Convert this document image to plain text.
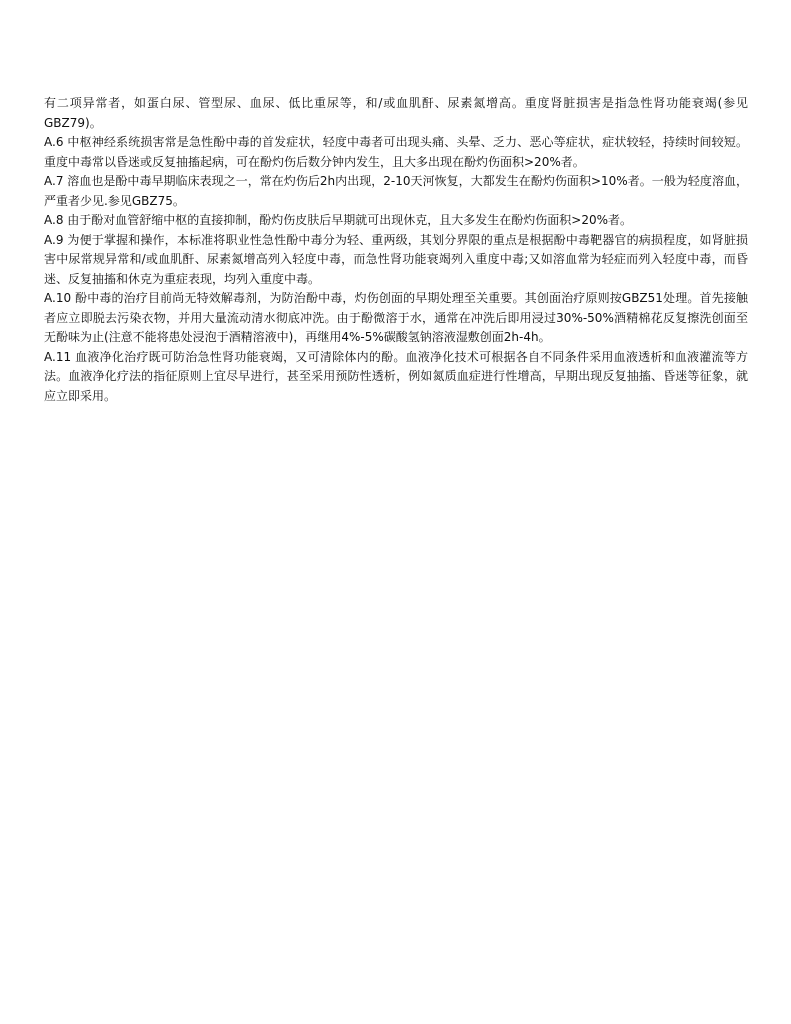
有二项异常者，如蛋白尿、管型尿、血尿、低比重尿等，和/或血肌酐、尿素氮增高。重度肾脏损害是指急性肾功能衰竭(参见GBZ79)。

A.6 中枢神经系统损害常是急性酚中毒的首发症状，轻度中毒者可出现头痛、头晕、乏力、恶心等症状，症状较轻，持续时间较短。重度中毒常以昏迷或反复抽搐起病，可在酚灼伤后数分钟内发生，且大多出现在酚灼伤面积>20%者。

A.7 溶血也是酚中毒早期临床表现之一，常在灼伤后2h内出现，2-10天河恢复，大都发生在酚灼伤面积>10%者。一般为轻度溶血，严重者少见.参见GBZ75。

A.8 由于酚对血管舒缩中枢的直接抑制，酚灼伤皮肤后早期就可出现休克，且大多发生在酚灼伤面积>20%者。

A.9 为便于掌握和操作，本标准将职业性急性酚中毒分为轻、重两级，其划分界限的重点是根据酚中毒靶器官的病损程度，如肾脏损害中尿常规异常和/或血肌酐、尿素氮增高列入轻度中毒，而急性肾功能衰竭列入重度中毒;又如溶血常为轻症而列入轻度中毒，而昏迷、反复抽搐和休克为重症表现，均列入重度中毒。

A.10 酚中毒的治疗目前尚无特效解毒剂，为防治酚中毒，灼伤创面的早期处理至关重要。其创面治疗原则按GBZ51处理。首先接触者应立即脱去污染衣物，并用大量流动清水彻底冲洗。由于酚微溶于水，通常在冲洗后即用浸过30%-50%酒精棉花反复擦洗创面至无酚味为止(注意不能将患处浸泡于酒精溶液中)，再继用4%-5%碳酸氢钠溶液湿敷创面2h-4h。

A.11 血液净化治疗既可防治急性肾功能衰竭，又可清除体内的酚。血液净化技术可根据各自不同条件采用血液透析和血液灌流等方法。血液净化疗法的指征原则上宜尽早进行，甚至采用预防性透析，例如氮质血症进行性增高，早期出现反复抽搐、昏迷等征象，就应立即采用。
